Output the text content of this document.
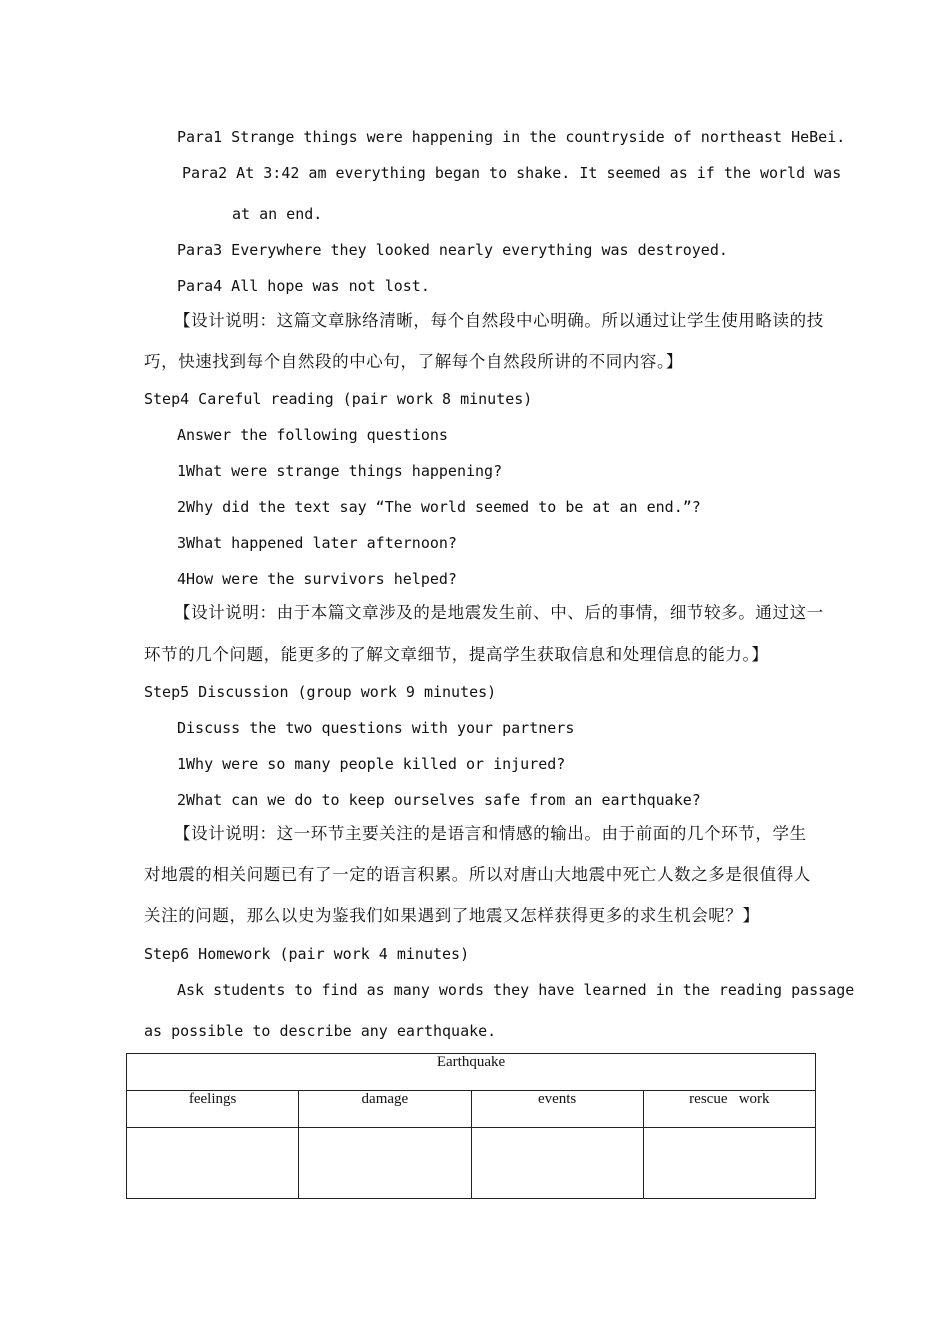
Para1 Strange things were happening in the countryside of northeast HeBei.
Para2 At 3:42 am everything began to shake. It seemed as if the world was
at an end.
Para3 Everywhere they looked nearly everything was destroyed.
Para4 All hope was not lost.
【设计说明：这篇文章脉络清晰，每个自然段中心明确。所以通过让学生使用略读的技
巧，快速找到每个自然段的中心句，了解每个自然段所讲的不同内容。】
Step4 Careful reading (pair work 8 minutes)
Answer the following questions
1What were strange things happening?
2Why did the text say “The world seemed to be at an end.”?
3What happened later afternoon?
4How were the survivors helped?
【设计说明：由于本篇文章涉及的是地震发生前、中、后的事情，细节较多。通过这一
环节的几个问题，能更多的了解文章细节，提高学生获取信息和处理信息的能力。】
Step5 Discussion (group work 9 minutes)
Discuss the two questions with your partners
1Why were so many people killed or injured?
2What can we do to keep ourselves safe from an earthquake?
【设计说明：这一环节主要关注的是语言和情感的输出。由于前面的几个环节，学生
对地震的相关问题已有了一定的语言积累。所以对唐山大地震中死亡人数之多是很值得人
关注的问题，那么以史为鉴我们如果遇到了地震又怎样获得更多的求生机会呢？】
Step6 Homework (pair work 4 minutes)
Ask students to find as many words they have learned in the reading passage
as possible to describe any earthquake.
Earthquake			
feelings	damage	events	rescue   work
